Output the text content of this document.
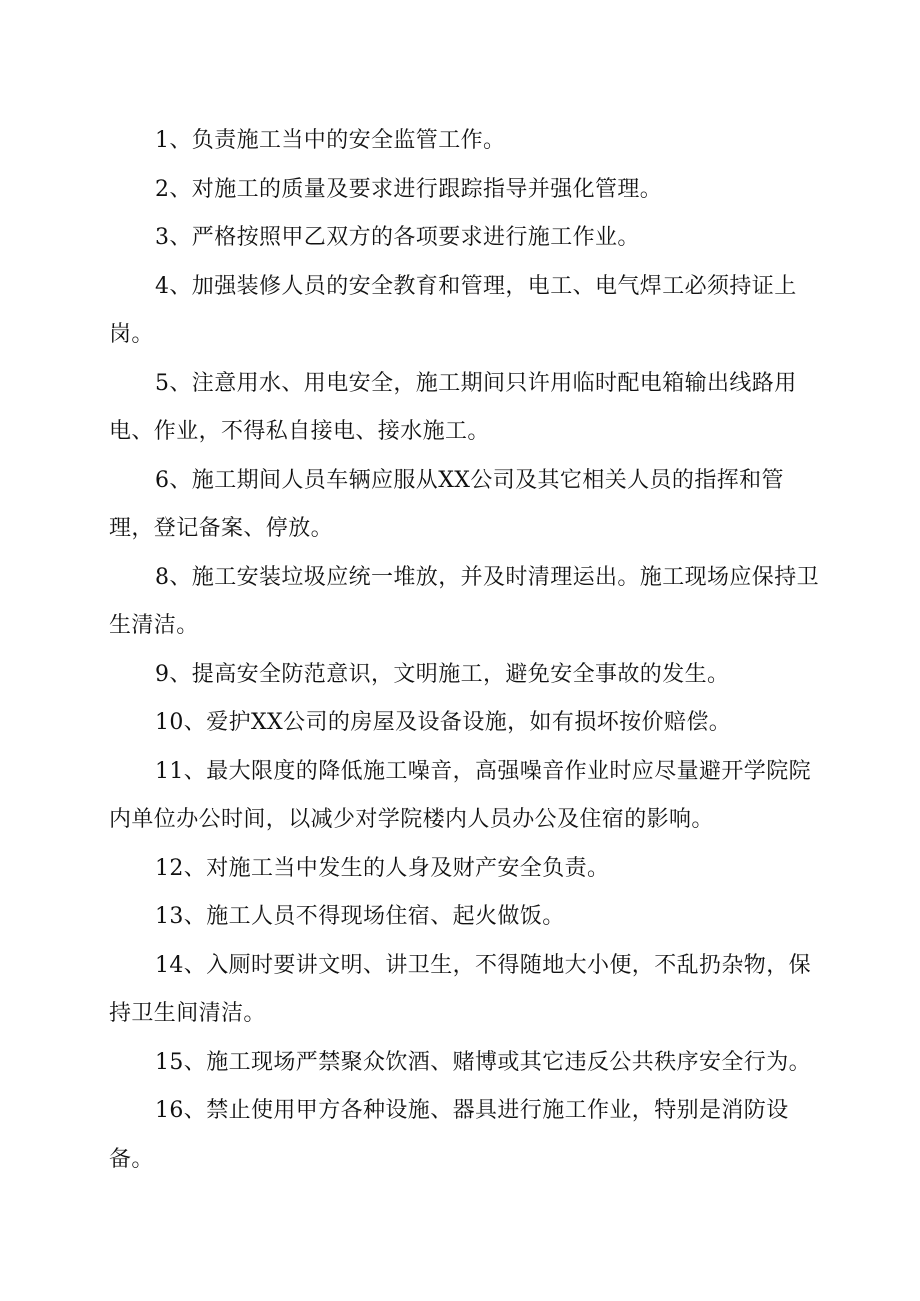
1、负责施工当中的安全监管工作。
2、对施工的质量及要求进行跟踪指导并强化管理。
3、严格按照甲乙双方的各项要求进行施工作业。
4、加强装修人员的安全教育和管理，电工、电气焊工必须持证上岗。
5、注意用水、用电安全，施工期间只许用临时配电箱输出线路用电、作业，不得私自接电、接水施工。
6、施工期间人员车辆应服从XX公司及其它相关人员的指挥和管理，登记备案、停放。
8、施工安装垃圾应统一堆放，并及时清理运出。施工现场应保持卫生清洁。
9、提高安全防范意识，文明施工，避免安全事故的发生。
10、爱护XX公司的房屋及设备设施，如有损坏按价赔偿。
11、最大限度的降低施工噪音，高强噪音作业时应尽量避开学院院内单位办公时间，以减少对学院楼内人员办公及住宿的影响。
12、对施工当中发生的人身及财产安全负责。
13、施工人员不得现场住宿、起火做饭。
14、入厕时要讲文明、讲卫生，不得随地大小便，不乱扔杂物，保持卫生间清洁。
15、施工现场严禁聚众饮酒、赌博或其它违反公共秩序安全行为。
16、禁止使用甲方各种设施、器具进行施工作业，特别是消防设备。
